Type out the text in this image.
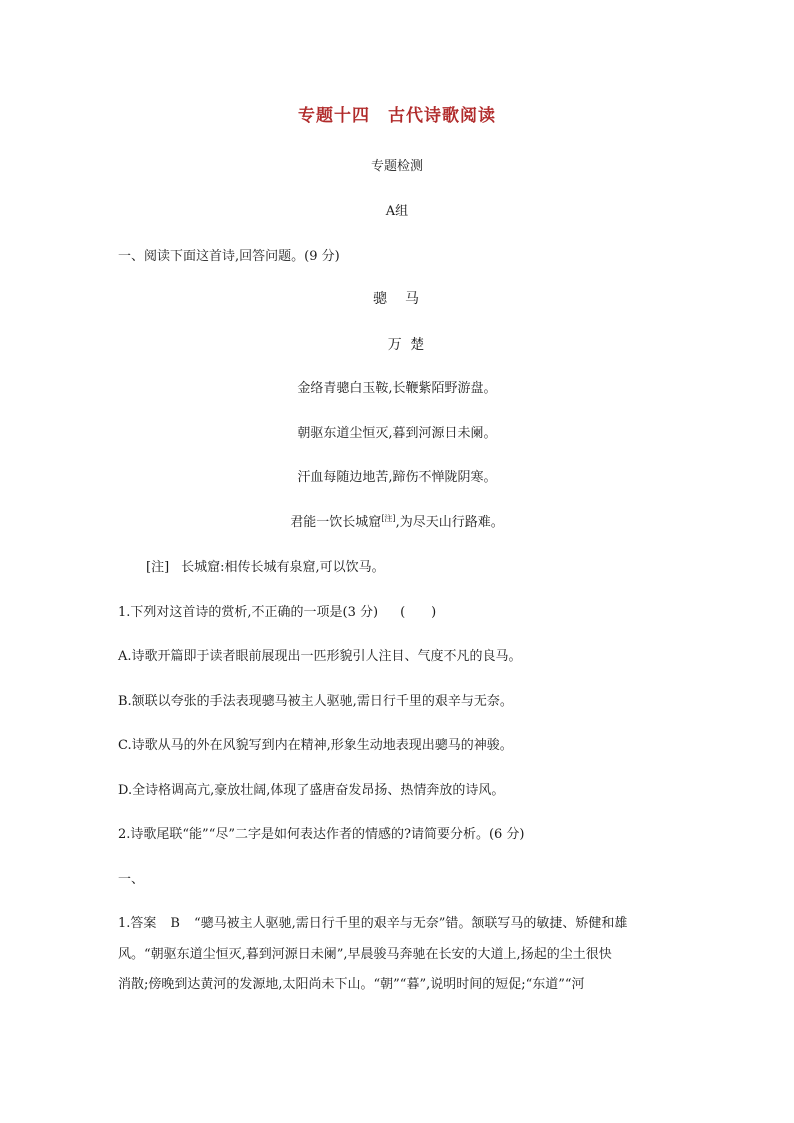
专题十四　古代诗歌阅读
专题检测
A组
一、阅读下面这首诗,回答问题。(9 分)
骢　马
万 楚
金络青骢白玉鞍,长鞭紫陌野游盘。
朝驱东道尘恒灭,暮到河源日未阑。
汗血每随边地苦,蹄伤不惮陇阴寒。
君能一饮长城窟[注],为尽天山行路难。
[注] 长城窟:相传长城有泉窟,可以饮马。
1.下列对这首诗的赏析,不正确的一项是(3 分) (　　)
A.诗歌开篇即于读者眼前展现出一匹形貌引人注目、气度不凡的良马。
B.颔联以夸张的手法表现骢马被主人驱驰,需日行千里的艰辛与无奈。
C.诗歌从马的外在风貌写到内在精神,形象生动地表现出骢马的神骏。
D.全诗格调高亢,豪放壮阔,体现了盛唐奋发昂扬、热情奔放的诗风。
2.诗歌尾联“能”“尽”二字是如何表达作者的情感的?请简要分析。(6 分)
一、
1.答案 B “骢马被主人驱驰,需日行千里的艰辛与无奈”错。颔联写马的敏捷、矫健和雄
风。“朝驱东道尘恒灭,暮到河源日未阑”,早晨骏马奔驰在长安的大道上,扬起的尘土很快
消散;傍晚到达黄河的发源地,太阳尚未下山。“朝”“暮”,说明时间的短促;“东道”“河
